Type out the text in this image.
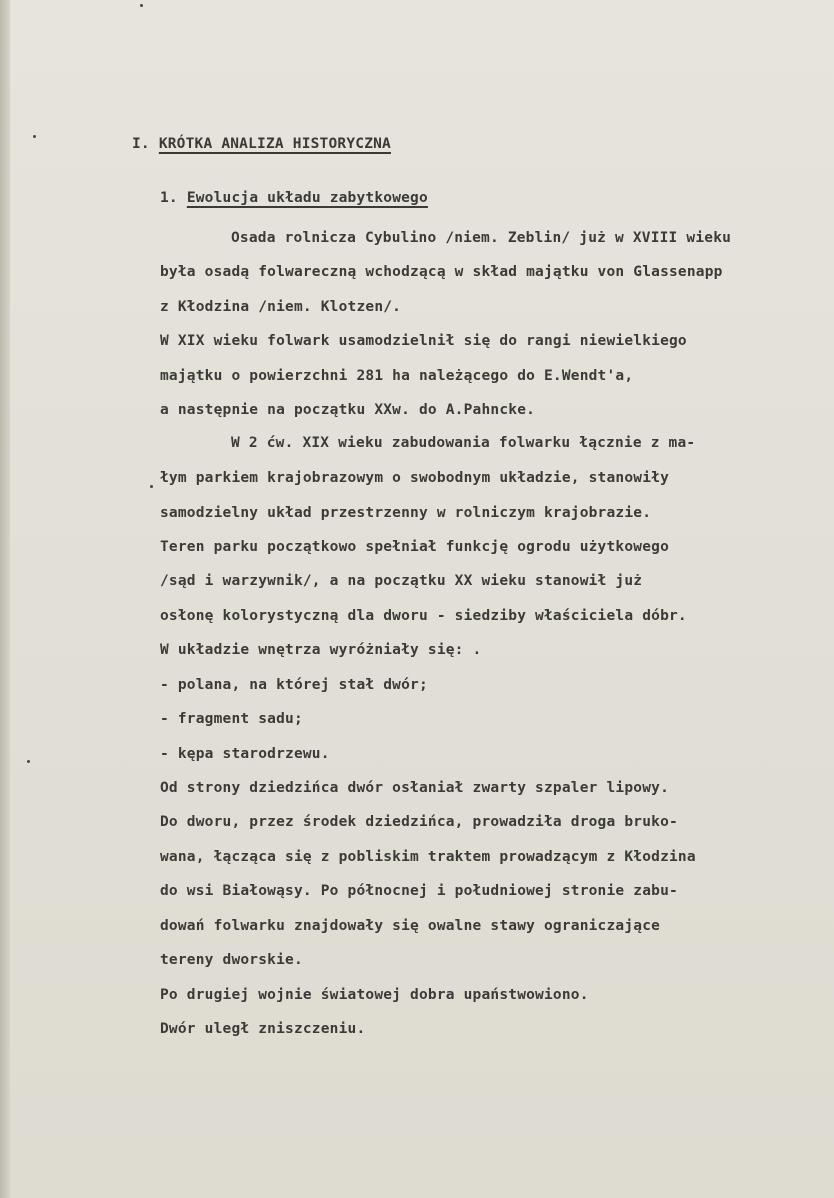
I. KRÓTKA ANALIZA HISTORYCZNA
1. Ewolucja układu zabytkowego
Osada rolnicza Cybulino /niem. Zeblin/ już w XVIII wieku
była osadą folwareczną wchodzącą w skład majątku von Glassenapp
z Kłodzina /niem. Klotzen/.
W XIX wieku folwark usamodzielnił się do rangi niewielkiego
majątku o powierzchni 281 ha należącego do E.Wendt'a,
a następnie na początku XXw. do A.Pahncke.
W 2 ćw. XIX wieku zabudowania folwarku łącznie z ma-
łym parkiem krajobrazowym o swobodnym układzie, stanowiły
samodzielny układ przestrzenny w rolniczym krajobrazie.
Teren parku początkowo spełniał funkcję ogrodu użytkowego
/sąd i warzywnik/, a na początku XX wieku stanowił już
osłonę kolorystyczną dla dworu - siedziby właściciela dóbr.
W układzie wnętrza wyróżniały się: .
- polana, na której stał dwór;
- fragment sadu;
- kępa starodrzewu.
Od strony dziedzińca dwór osłaniał zwarty szpaler lipowy.
Do dworu, przez środek dziedzińca, prowadziła droga bruko-
wana, łącząca się z pobliskim traktem prowadzącym z Kłodzina
do wsi Białowąsy. Po północnej i południowej stronie zabu-
dowań folwarku znajdowały się owalne stawy ograniczające
tereny dworskie.
Po drugiej wojnie światowej dobra upaństwowiono.
Dwór uległ zniszczeniu.
